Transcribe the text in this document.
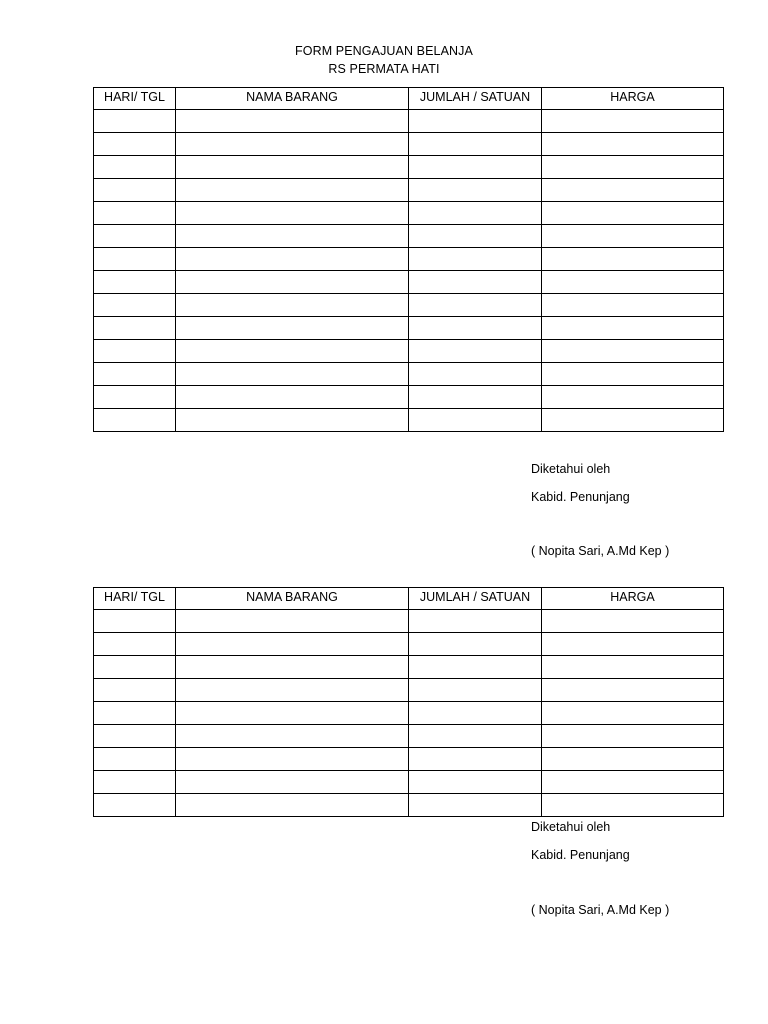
FORM PENGAJUAN BELANJA
RS PERMATA HATI
HARI/ TGL	NAMA BARANG	JUMLAH / SATUAN	HARGA

Diketahui oleh
Kabid. Penunjang
( Nopita Sari, A.Md Kep )
HARI/ TGL	NAMA BARANG	JUMLAH / SATUAN	HARGA

Diketahui oleh
Kabid. Penunjang
( Nopita Sari, A.Md Kep )
